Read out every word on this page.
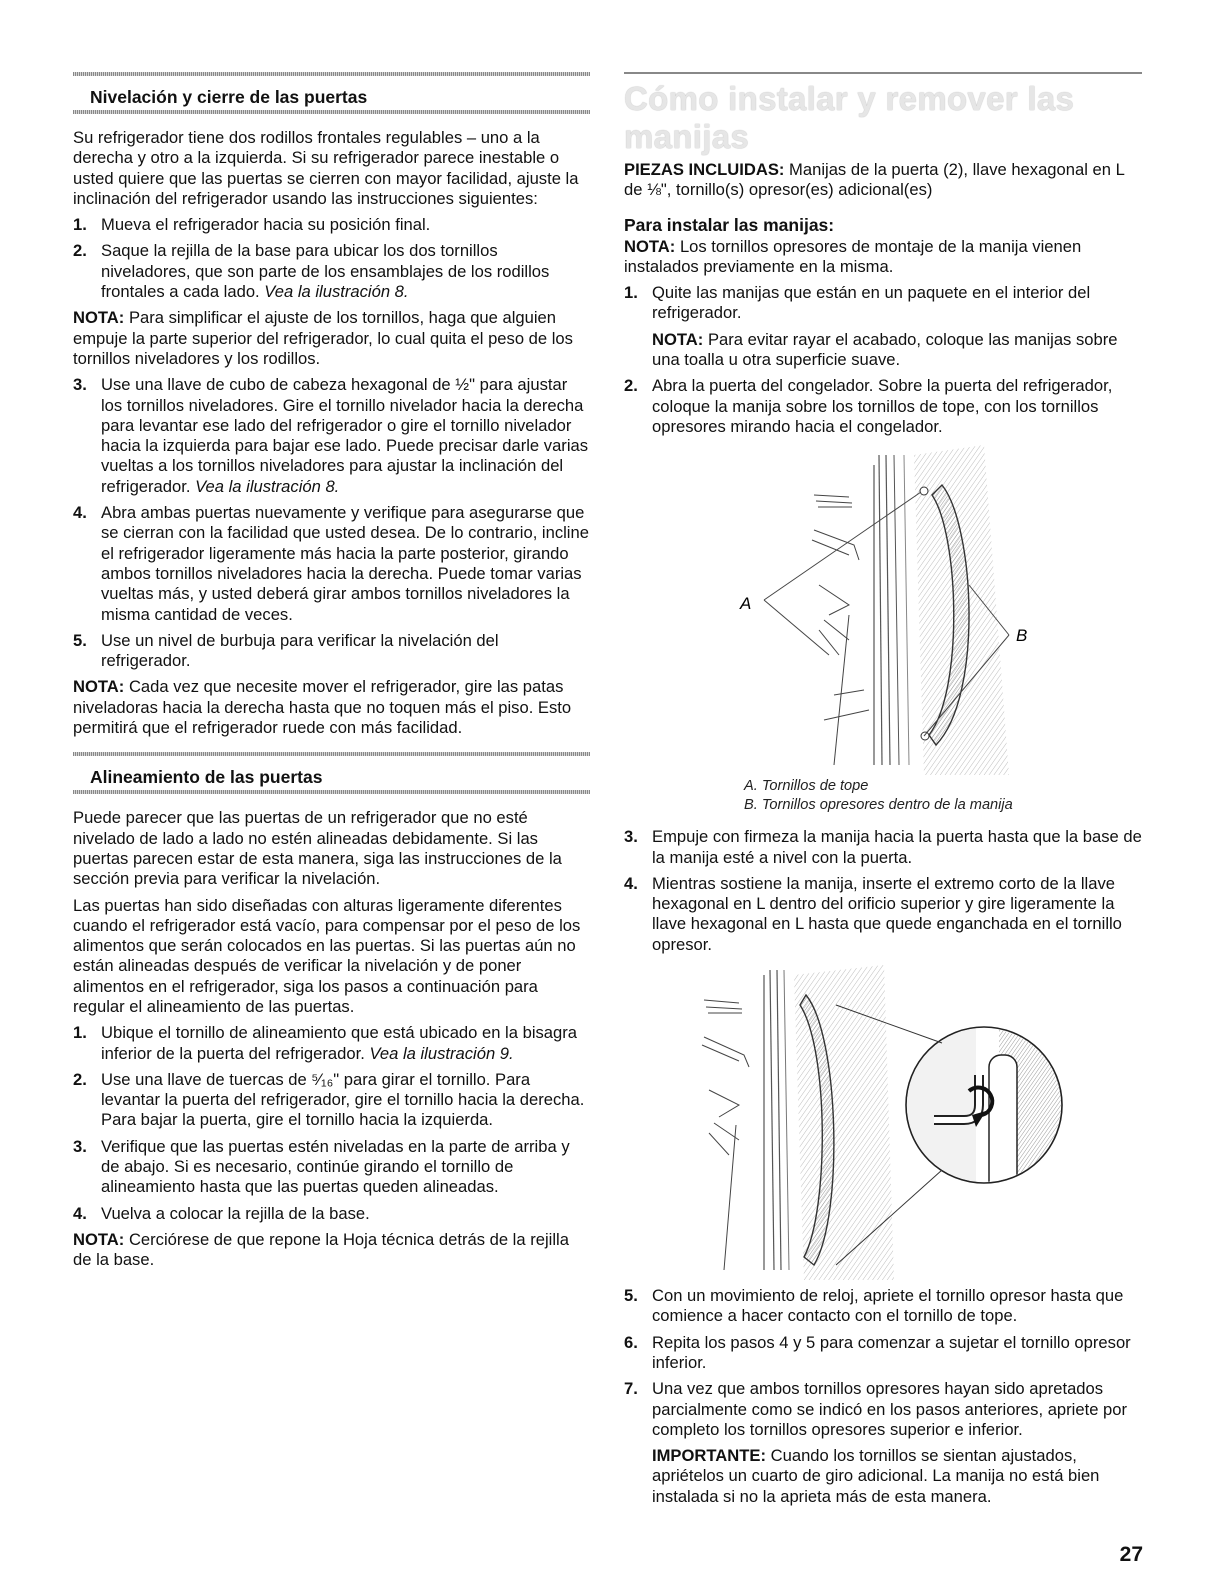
Nivelación y cierre de las puertas

Su refrigerador tiene dos rodillos frontales regulables – uno a la derecha y otro a la izquierda. Si su refrigerador parece inestable o usted quiere que las puertas se cierren con mayor facilidad, ajuste la inclinación del refrigerador usando las instrucciones siguientes:

1. Mueva el refrigerador hacia su posición final.
2. Saque la rejilla de la base para ubicar los dos tornillos niveladores, que son parte de los ensamblajes de los rodillos frontales a cada lado. Vea la ilustración 8.

NOTA: Para simplificar el ajuste de los tornillos, haga que alguien empuje la parte superior del refrigerador, lo cual quita el peso de los tornillos niveladores y los rodillos.

3. Use una llave de cubo de cabeza hexagonal de ½" para ajustar los tornillos niveladores. Gire el tornillo nivelador hacia la derecha para levantar ese lado del refrigerador o gire el tornillo nivelador hacia la izquierda para bajar ese lado. Puede precisar darle varias vueltas a los tornillos niveladores para ajustar la inclinación del refrigerador. Vea la ilustración 8.
4. Abra ambas puertas nuevamente y verifique para asegurarse que se cierran con la facilidad que usted desea. De lo contrario, incline el refrigerador ligeramente más hacia la parte posterior, girando ambos tornillos niveladores hacia la derecha. Puede tomar varias vueltas más, y usted deberá girar ambos tornillos niveladores la misma cantidad de veces.
5. Use un nivel de burbuja para verificar la nivelación del refrigerador.

NOTA: Cada vez que necesite mover el refrigerador, gire las patas niveladoras hacia la derecha hasta que no toquen más el piso. Esto permitirá que el refrigerador ruede con más facilidad.

Alineamiento de las puertas

Puede parecer que las puertas de un refrigerador que no esté nivelado de lado a lado no estén alineadas debidamente. Si las puertas parecen estar de esta manera, siga las instrucciones de la sección previa para verificar la nivelación.

Las puertas han sido diseñadas con alturas ligeramente diferentes cuando el refrigerador está vacío, para compensar por el peso de los alimentos que serán colocados en las puertas. Si las puertas aún no están alineadas después de verificar la nivelación y de poner alimentos en el refrigerador, siga los pasos a continuación para regular el alineamiento de las puertas.

1. Ubique el tornillo de alineamiento que está ubicado en la bisagra inferior de la puerta del refrigerador. Vea la ilustración 9.
2. Use una llave de tuercas de ⁵⁄₁₆" para girar el tornillo. Para levantar la puerta del refrigerador, gire el tornillo hacia la derecha. Para bajar la puerta, gire el tornillo hacia la izquierda.
3. Verifique que las puertas estén niveladas en la parte de arriba y de abajo. Si es necesario, continúe girando el tornillo de alineamiento hasta que las puertas queden alineadas.
4. Vuelva a colocar la rejilla de la base.

NOTA: Cerciórese de que repone la Hoja técnica detrás de la rejilla de la base.

Cómo instalar y remover las manijas

PIEZAS INCLUIDAS: Manijas de la puerta (2), llave hexagonal en L de ⅛", tornillo(s) opresor(es) adicional(es)

Para instalar las manijas:

NOTA: Los tornillos opresores de montaje de la manija vienen instalados previamente en la misma.

1. Quite las manijas que están en un paquete en el interior del refrigerador.

NOTA: Para evitar rayar el acabado, coloque las manijas sobre una toalla u otra superficie suave.

2. Abra la puerta del congelador. Sobre la puerta del refrigerador, coloque la manija sobre los tornillos de tope, con los tornillos opresores mirando hacia el congelador.
A
B

A. Tornillos de tope

B. Tornillos opresores dentro de la manija

3. Empuje con firmeza la manija hacia la puerta hasta que la base de la manija esté a nivel con la puerta.
4. Mientras sostiene la manija, inserte el extremo corto de la llave hexagonal en L dentro del orificio superior y gire ligeramente la llave hexagonal en L hasta que quede enganchada en el tornillo opresor.
5. Con un movimiento de reloj, apriete el tornillo opresor hasta que comience a hacer contacto con el tornillo de tope.
6. Repita los pasos 4 y 5 para comenzar a sujetar el tornillo opresor inferior.
7. Una vez que ambos tornillos opresores hayan sido apretados parcialmente como se indicó en los pasos anteriores, apriete por completo los tornillos opresores superior e inferior.

IMPORTANTE: Cuando los tornillos se sientan ajustados, apriételos un cuarto de giro adicional. La manija no está bien instalada si no la aprieta más de esta manera.

27
